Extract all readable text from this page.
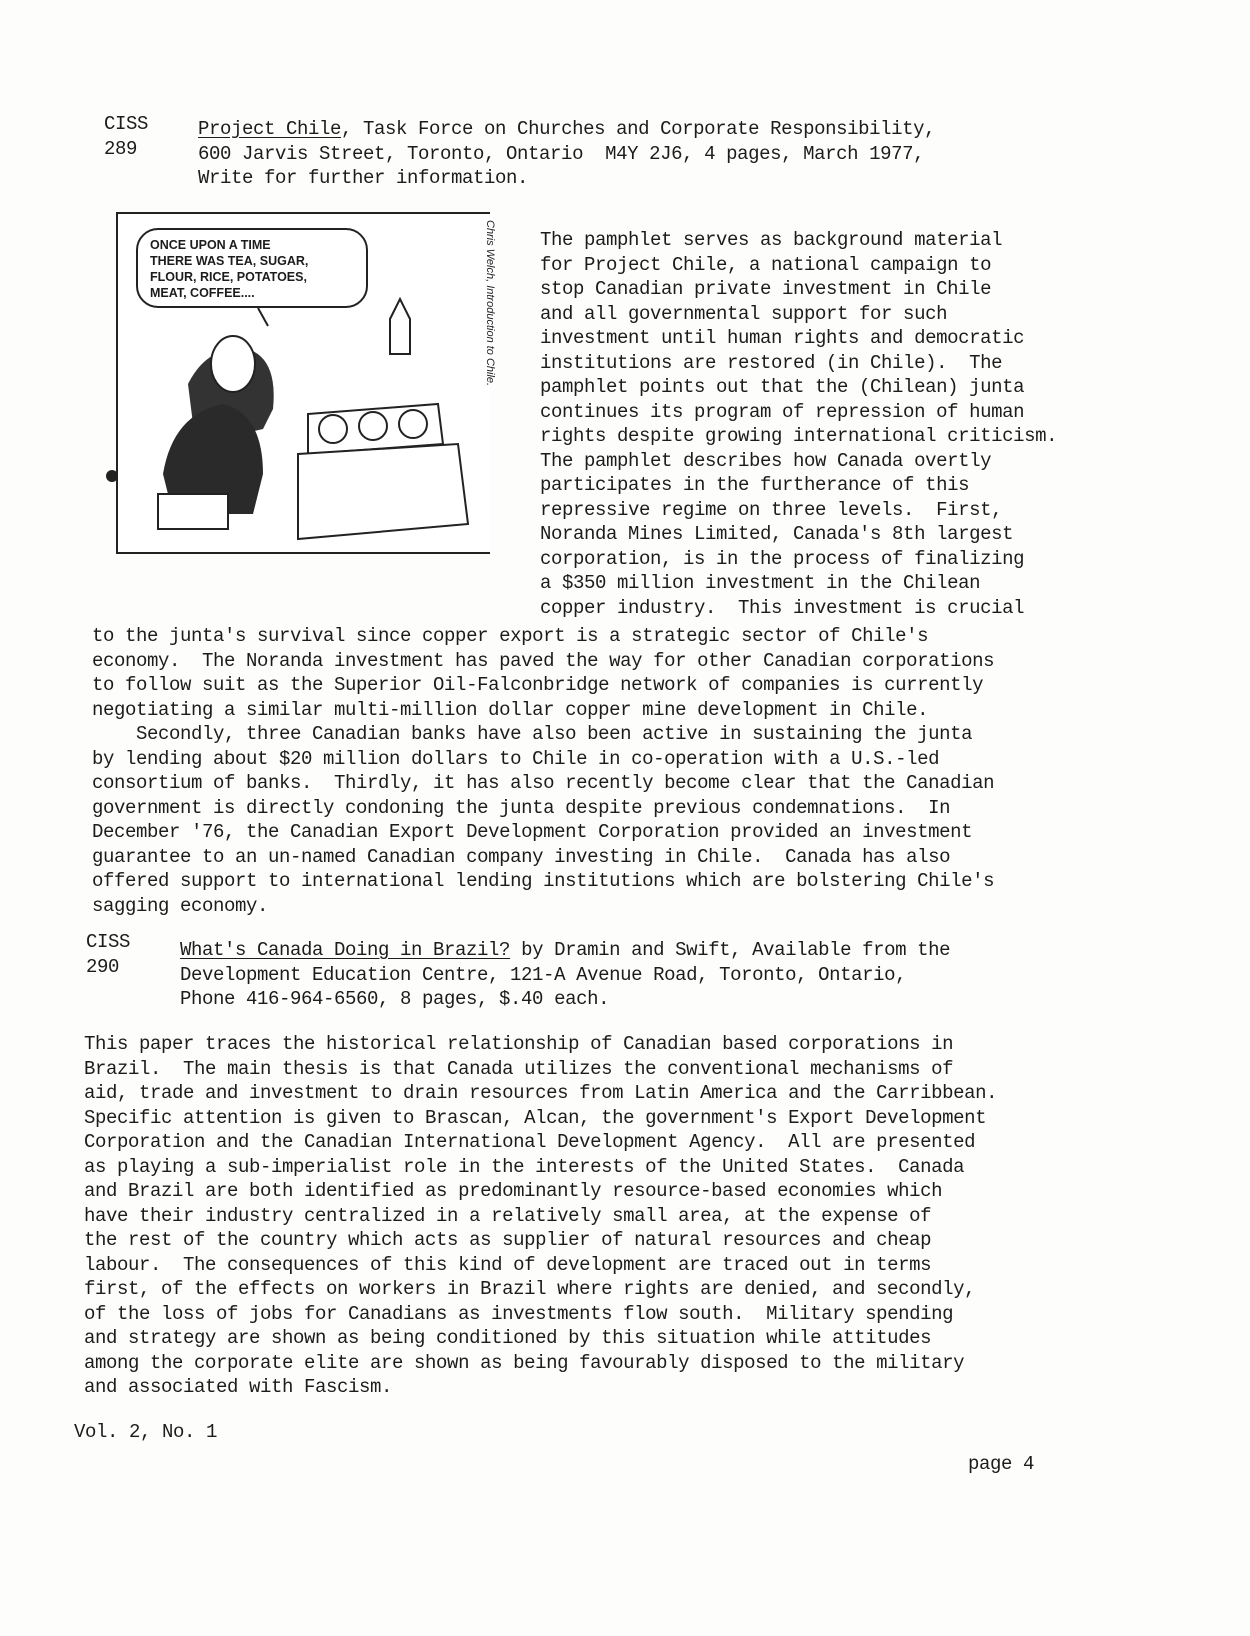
CISS
289
Project Chile, Task Force on Churches and Corporate Responsibility,
600 Jarvis Street, Toronto, Ontario  M4Y 2J6, 4 pages, March 1977,
Write for further information.
ONCE UPON A TIME
THERE WAS TEA, SUGAR,
FLOUR, RICE, POTATOES,
MEAT, COFFEE....	Chris Welch, Introduction to Chile. The pamphlet serves as background material
for Project Chile, a national campaign to
stop Canadian private investment in Chile
and all governmental support for such
investment until human rights and democratic
institutions are restored (in Chile).  The
pamphlet points out that the (Chilean) junta
continues its program of repression of human
rights despite growing international criticism.
The pamphlet describes how Canada overtly
participates in the furtherance of this
repressive regime on three levels.  First,
Noranda Mines Limited, Canada's 8th largest
corporation, is in the process of finalizing
a $350 million investment in the Chilean
copper industry.  This investment is crucial
to the junta's survival since copper export is a strategic sector of Chile's
economy.  The Noranda investment has paved the way for other Canadian corporations
to follow suit as the Superior Oil-Falconbridge network of companies is currently
negotiating a similar multi-million dollar copper mine development in Chile.
Secondly, three Canadian banks have also been active in sustaining the junta
by lending about $20 million dollars to Chile in co-operation with a U.S.-led
consortium of banks.  Thirdly, it has also recently become clear that the Canadian
government is directly condoning the junta despite previous condemnations.  In
December '76, the Canadian Export Development Corporation provided an investment
guarantee to an un-named Canadian company investing in Chile.  Canada has also
offered support to international lending institutions which are bolstering Chile's
sagging economy.
CISS
290
What's Canada Doing in Brazil? by Dramin and Swift, Available from the
Development Education Centre, 121-A Avenue Road, Toronto, Ontario,
Phone 416-964-6560, 8 pages, $.40 each.
This paper traces the historical relationship of Canadian based corporations in
Brazil.  The main thesis is that Canada utilizes the conventional mechanisms of
aid, trade and investment to drain resources from Latin America and the Carribbean.
Specific attention is given to Brascan, Alcan, the government's Export Development
Corporation and the Canadian International Development Agency.  All are presented
as playing a sub-imperialist role in the interests of the United States.  Canada
and Brazil are both identified as predominantly resource-based economies which
have their industry centralized in a relatively small area, at the expense of
the rest of the country which acts as supplier of natural resources and cheap
labour.  The consequences of this kind of development are traced out in terms
first, of the effects on workers in Brazil where rights are denied, and secondly,
of the loss of jobs for Canadians as investments flow south.  Military spending
and strategy are shown as being conditioned by this situation while attitudes
among the corporate elite are shown as being favourably disposed to the military
and associated with Fascism.
Vol. 2, No. 1
page 4
